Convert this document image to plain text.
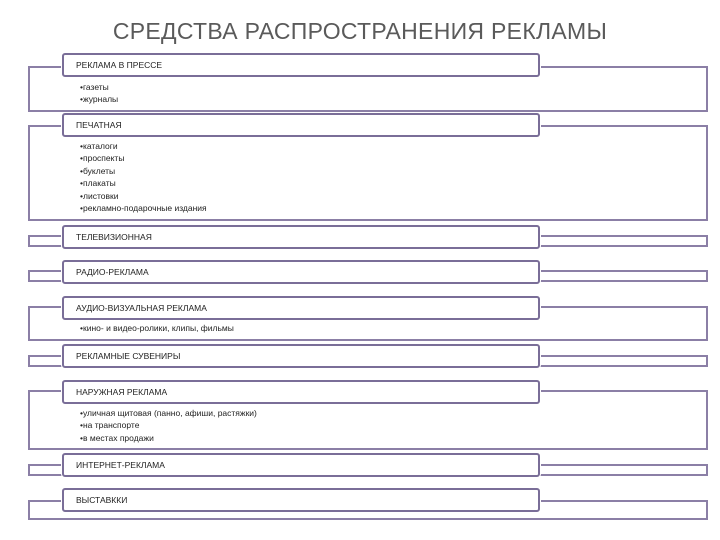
СРЕДСТВА РАСПРОСТРАНЕНИЯ РЕКЛАМЫ
РЕКЛАМА В ПРЕССЕ
• газеты
• журналы
ПЕЧАТНАЯ
• каталоги
• проспекты
• буклеты
• плакаты
• листовки
• рекламно-подарочные издания
ТЕЛЕВИЗИОННАЯ
РАДИО-РЕКЛАМА
АУДИО-ВИЗУАЛЬНАЯ РЕКЛАМА
• кино- и видео-ролики, клипы, фильмы
РЕКЛАМНЫЕ СУВЕНИРЫ
НАРУЖНАЯ РЕКЛАМА
• уличная щитовая (панно, афиши, растяжки)
• на транспорте
• в местах продажи
ИНТЕРНЕТ-РЕКЛАМА
ВЫСТАВККИ
